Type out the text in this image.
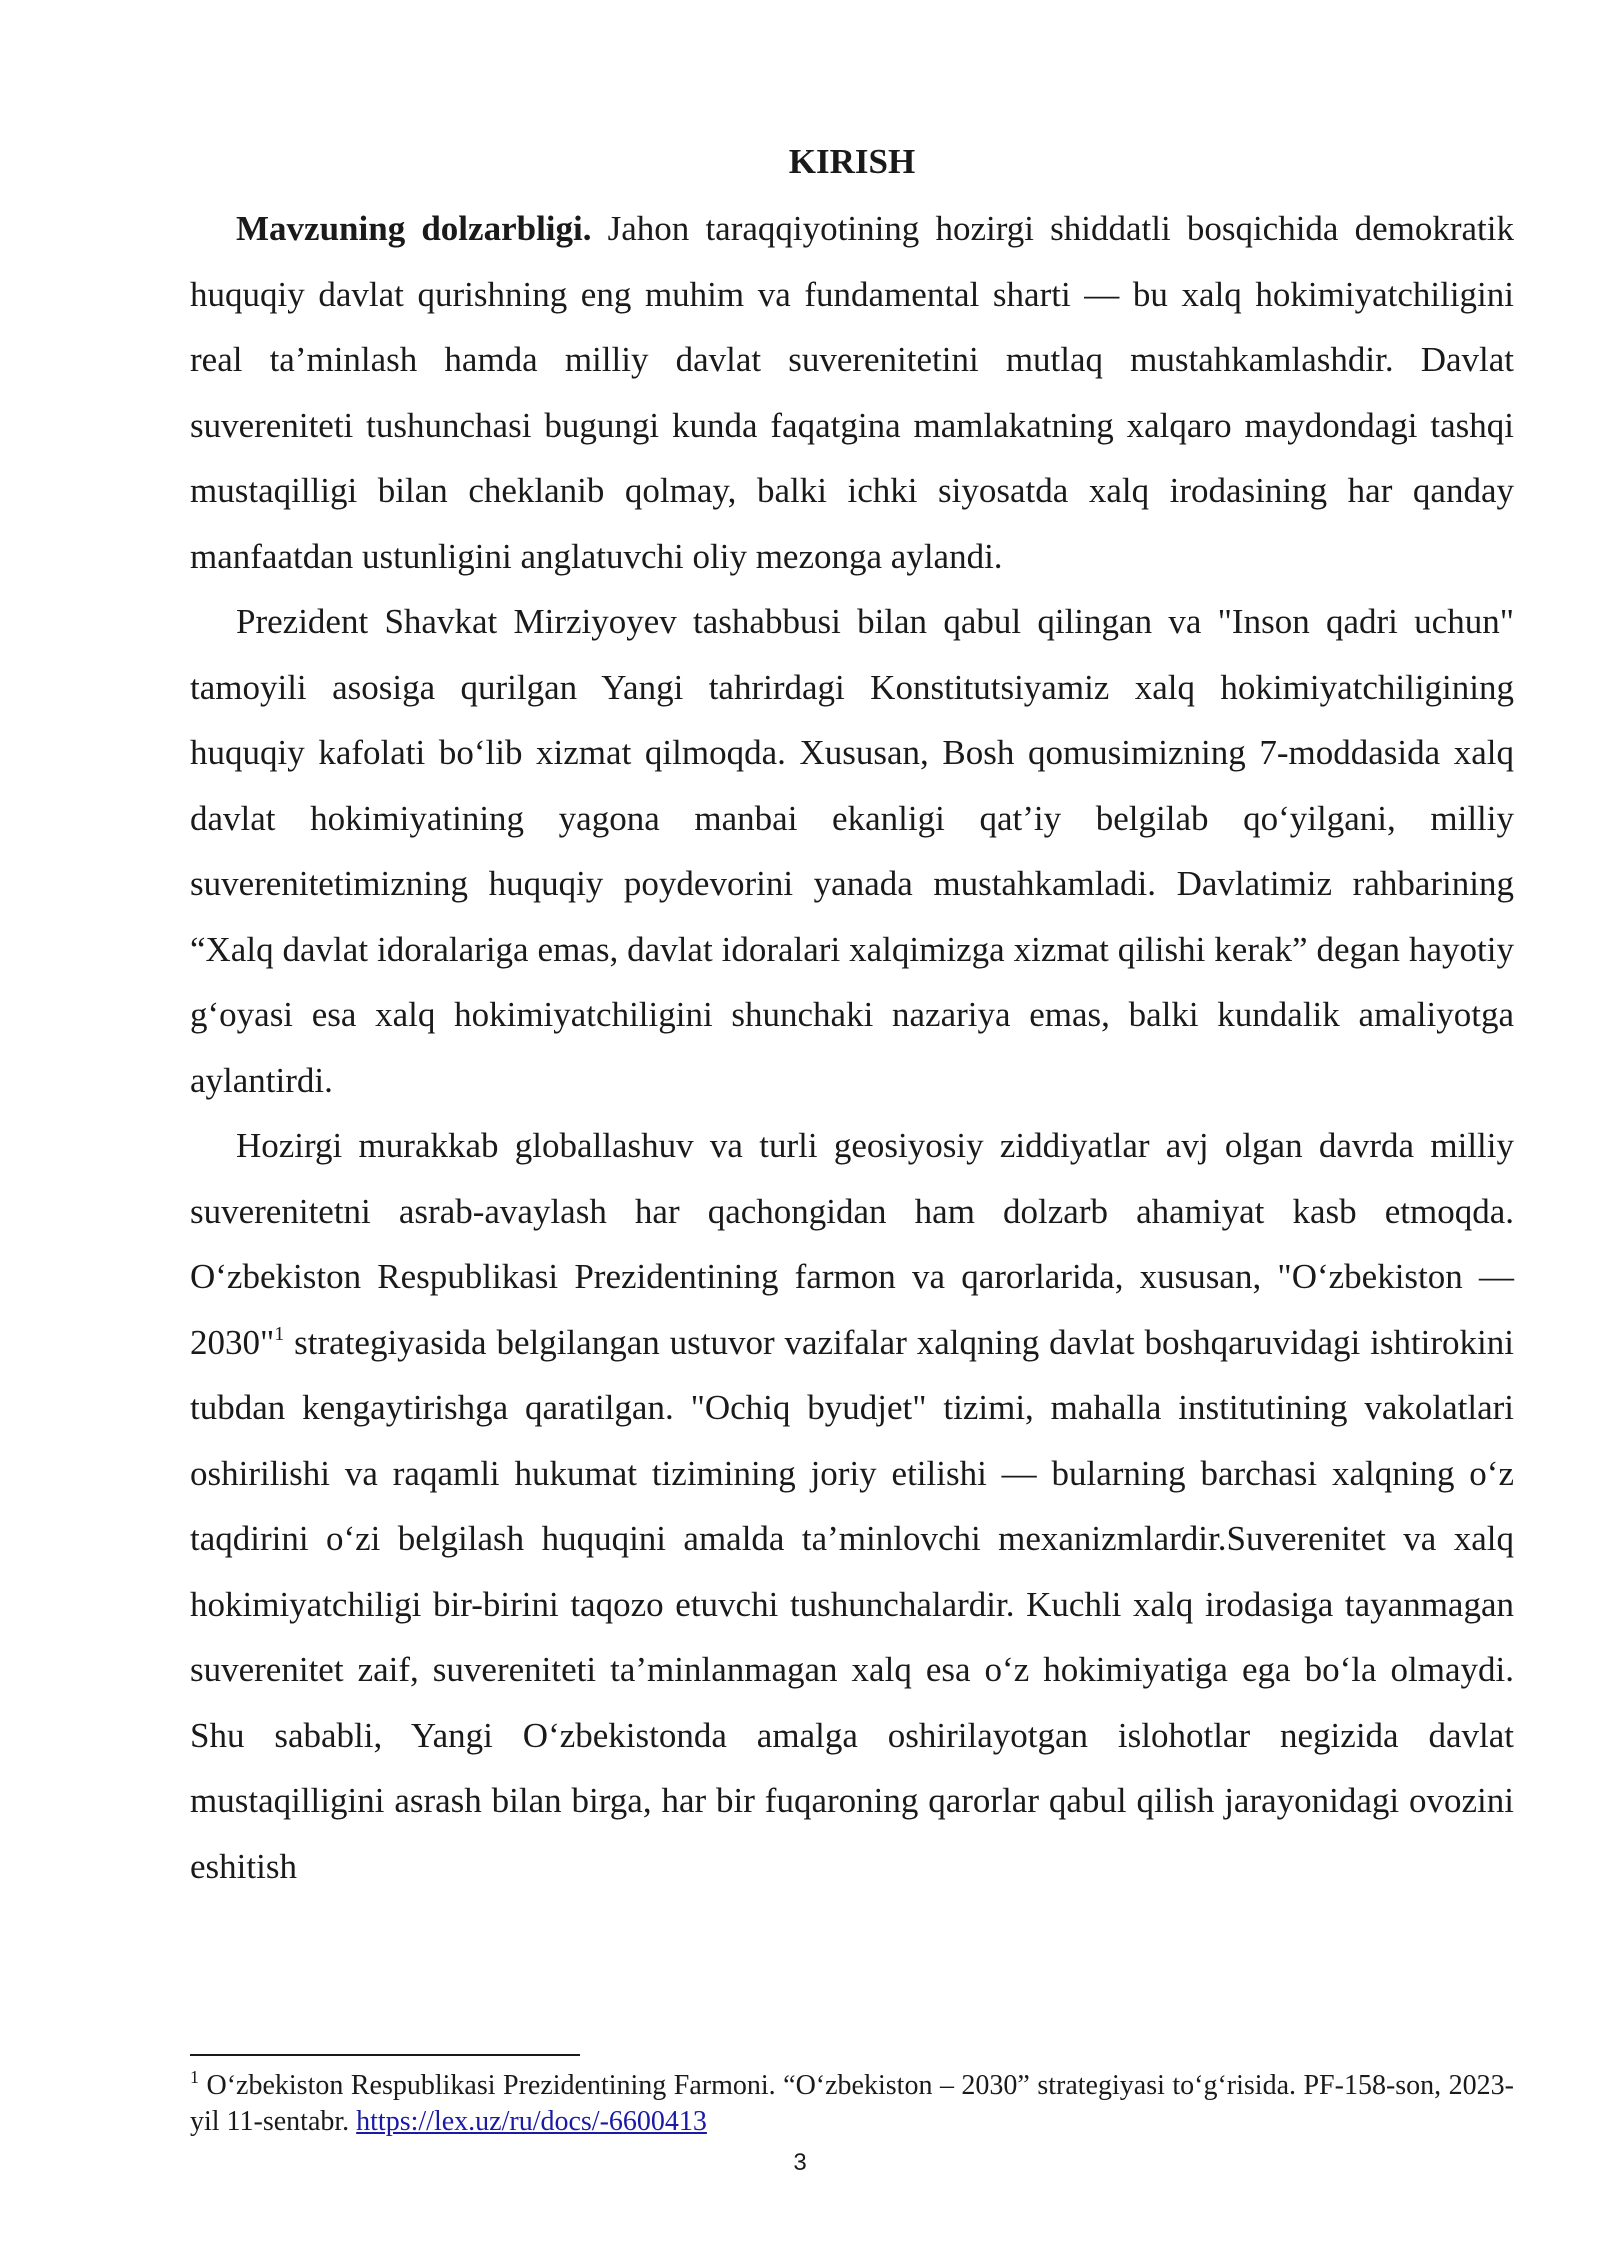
KIRISH

Mavzuning dolzarbligi. Jahon taraqqiyotining hozirgi shiddatli bosqichida demokratik huquqiy davlat qurishning eng muhim va fundamental sharti — bu xalq hokimiyatchiligini real ta’minlash hamda milliy davlat suverenitetini mutlaq mustahkamlashdir. Davlat suvereniteti tushunchasi bugungi kunda faqatgina mamlakatning xalqaro maydondagi tashqi mustaqilligi bilan cheklanib qolmay, balki ichki siyosatda xalq irodasining har qanday manfaatdan ustunligini anglatuvchi oliy mezonga aylandi.

Prezident Shavkat Mirziyoyev tashabbusi bilan qabul qilingan va "Inson qadri uchun" tamoyili asosiga qurilgan Yangi tahrirdagi Konstitutsiyamiz xalq hokimiyatchiligining huquqiy kafolati boʻlib xizmat qilmoqda. Xususan, Bosh qomusimizning 7-moddasida xalq davlat hokimiyatining yagona manbai ekanligi qat’iy belgilab qoʻyilgani, milliy suverenitetimizning huquqiy poydevorini yanada mustahkamladi. Davlatimiz rahbarining “Xalq davlat idoralariga emas, davlat idoralari xalqimizga xizmat qilishi kerak” degan hayotiy gʻoyasi esa xalq hokimiyatchiligini shunchaki nazariya emas, balki kundalik amaliyotga aylantirdi.

Hozirgi murakkab globallashuv va turli geosiyosiy ziddiyatlar avj olgan davrda milliy suverenitetni asrab-avaylash har qachongidan ham dolzarb ahamiyat kasb etmoqda. Oʻzbekiston Respublikasi Prezidentining farmon va qarorlarida, xususan, "Oʻzbekiston — 2030"$^1$ strategiyasida belgilangan ustuvor vazifalar xalqning davlat boshqaruvidagi ishtirokini tubdan kengaytirishga qaratilgan. "Ochiq byudjet" tizimi, mahalla institutining vakolatlari oshirilishi va raqamli hukumat tizimining joriy etilishi — bularning barchasi xalqning oʻz taqdirini oʻzi belgilash huquqini amalda ta’minlovchi mexanizmlardir.Suverenitet va xalq hokimiyatchiligi bir-birini taqozo etuvchi tushunchalardir. Kuchli xalq irodasiga tayanmagan suverenitet zaif, suvereniteti ta’minlanmagan xalq esa oʻz hokimiyatiga ega boʻla olmaydi. Shu sababli, Yangi Oʻzbekistonda amalga oshirilayotgan islohotlar negizida davlat mustaqilligini asrash bilan birga, har bir fuqaroning qarorlar qabul qilish jarayonidagi ovozini eshitish

$^1$ Oʻzbekiston Respublikasi Prezidentining Farmoni. “Oʻzbekiston – 2030” strategiyasi toʻgʻrisida. PF-158-son, 2023-yil 11-sentabr. https://lex.uz/ru/docs/-6600413

3
